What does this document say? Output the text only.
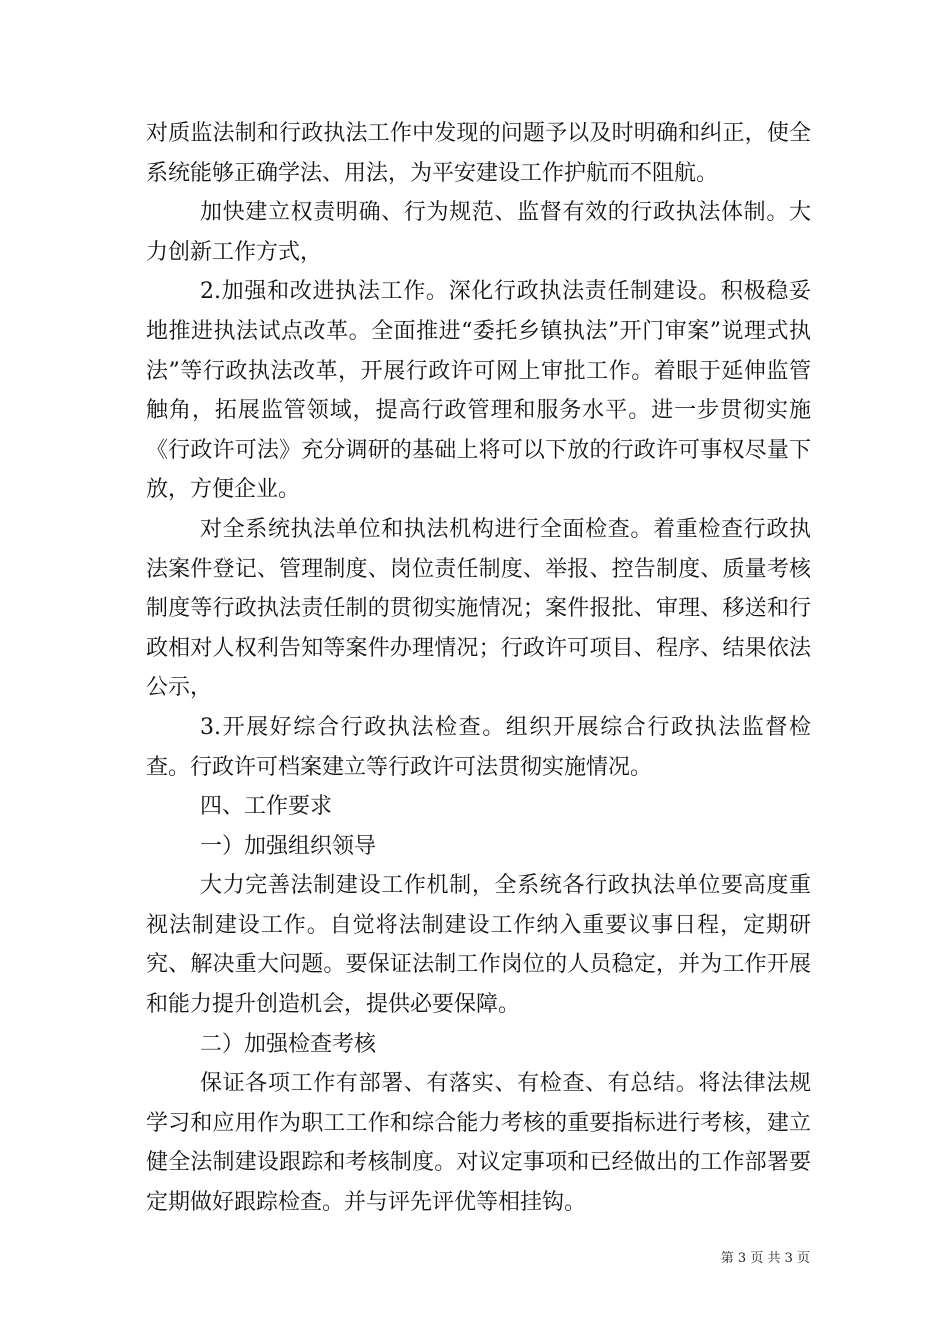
对质监法制和行政执法工作中发现的问题予以及时明确和纠正，使全系统能够正确学法、用法，为平安建设工作护航而不阻航。

加快建立权责明确、行为规范、监督有效的行政执法体制。大力创新工作方式，

2.加强和改进执法工作。深化行政执法责任制建设。积极稳妥地推进执法试点改革。全面推进“委托乡镇执法”开门审案”说理式执法”等行政执法改革，开展行政许可网上审批工作。着眼于延伸监管触角，拓展监管领域，提高行政管理和服务水平。进一步贯彻实施《行政许可法》充分调研的基础上将可以下放的行政许可事权尽量下放，方便企业。

对全系统执法单位和执法机构进行全面检查。着重检查行政执法案件登记、管理制度、岗位责任制度、举报、控告制度、质量考核制度等行政执法责任制的贯彻实施情况；案件报批、审理、移送和行政相对人权利告知等案件办理情况；行政许可项目、程序、结果依法公示，

3.开展好综合行政执法检查。组织开展综合行政执法监督检查。行政许可档案建立等行政许可法贯彻实施情况。

四、工作要求

一）加强组织领导

大力完善法制建设工作机制，全系统各行政执法单位要高度重视法制建设工作。自觉将法制建设工作纳入重要议事日程，定期研究、解决重大问题。要保证法制工作岗位的人员稳定，并为工作开展和能力提升创造机会，提供必要保障。

二）加强检查考核

保证各项工作有部署、有落实、有检查、有总结。将法律法规学习和应用作为职工工作和综合能力考核的重要指标进行考核，建立健全法制建设跟踪和考核制度。对议定事项和已经做出的工作部署要定期做好跟踪检查。并与评先评优等相挂钩。

第 3 页 共 3 页
